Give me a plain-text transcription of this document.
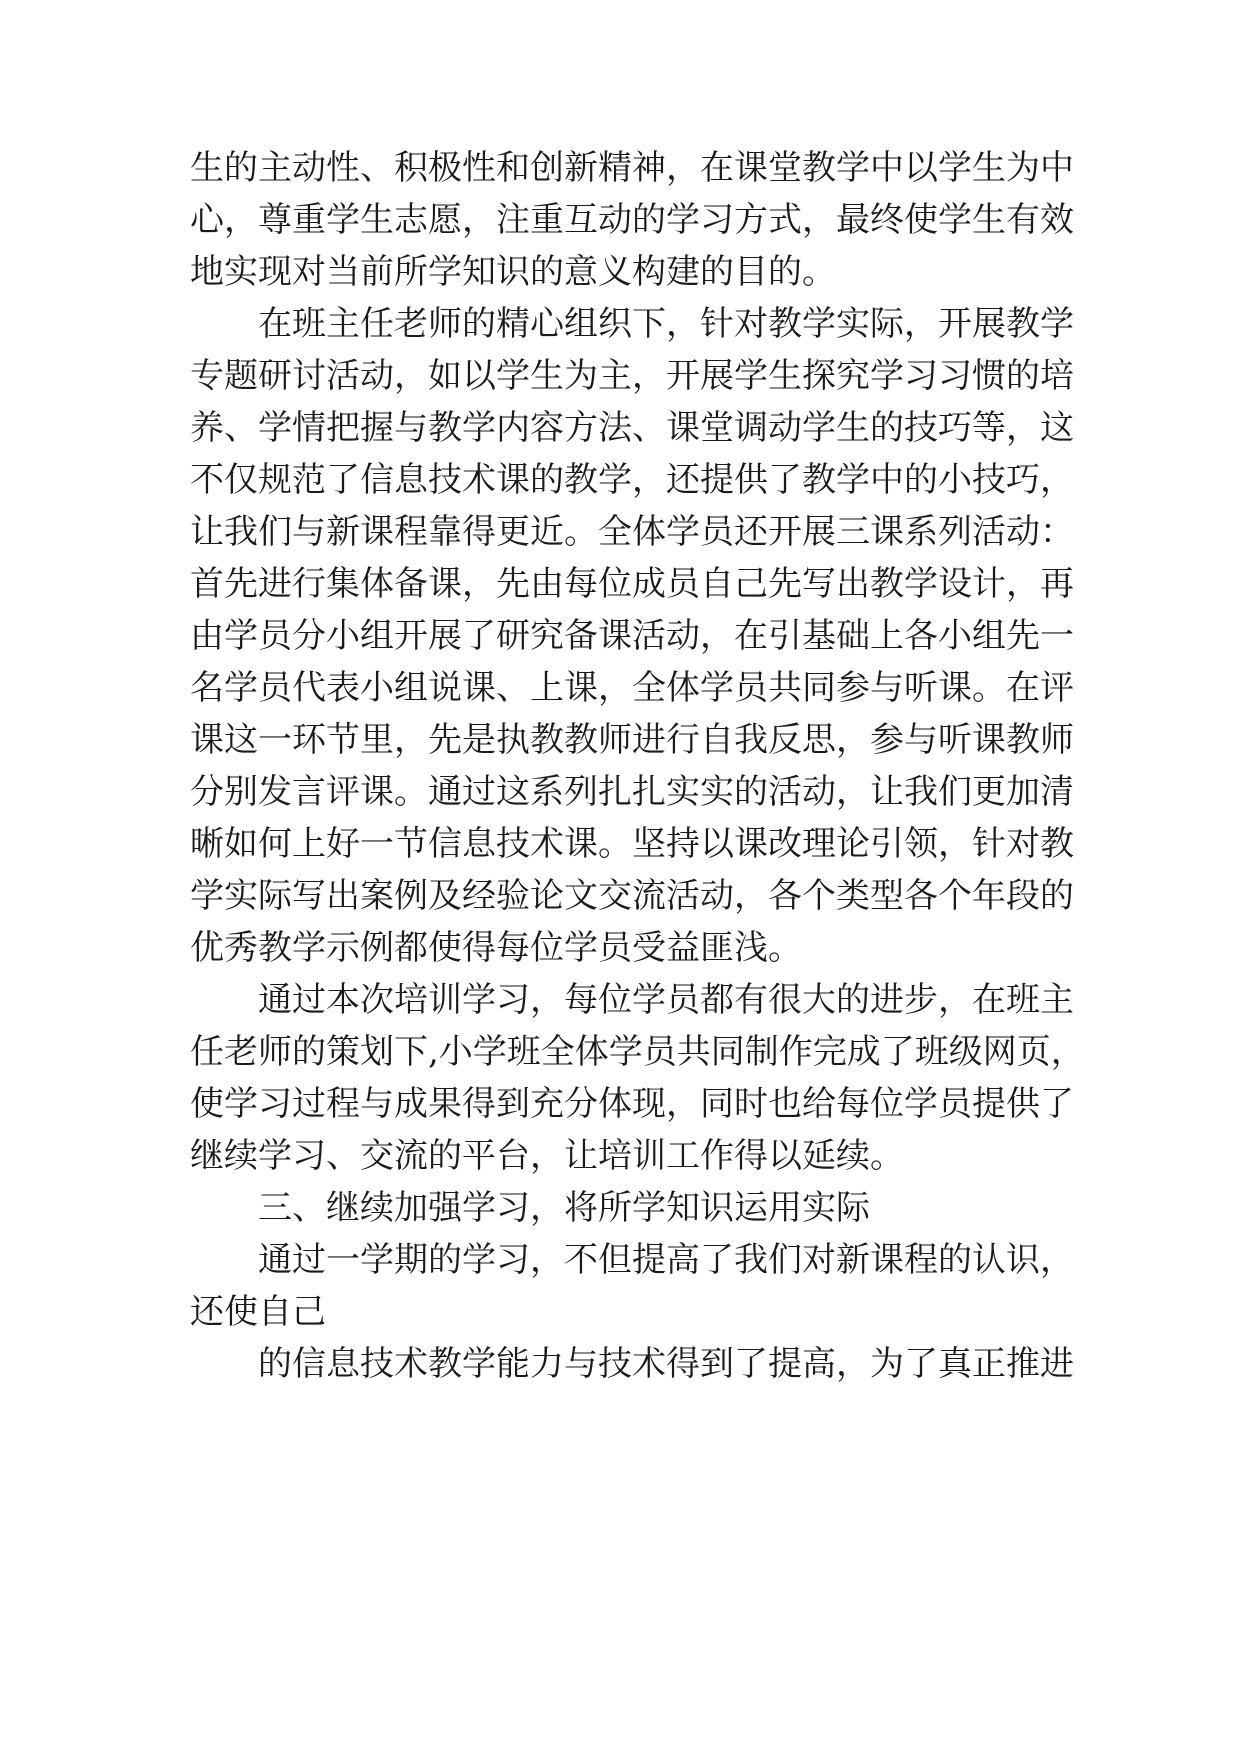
生的主动性、积极性和创新精神，在课堂教学中以学生为中
心，尊重学生志愿，注重互动的学习方式，最终使学生有效
地实现对当前所学知识的意义构建的目的。
在班主任老师的精心组织下，针对教学实际，开展教学
专题研讨活动，如以学生为主，开展学生探究学习习惯的培
养、学情把握与教学内容方法、课堂调动学生的技巧等，这
不仅规范了信息技术课的教学，还提供了教学中的小技巧，
让我们与新课程靠得更近。全体学员还开展三课系列活动：
首先进行集体备课，先由每位成员自己先写出教学设计，再
由学员分小组开展了研究备课活动，在引基础上各小组先一
名学员代表小组说课、上课，全体学员共同参与听课。在评
课这一环节里，先是执教教师进行自我反思，参与听课教师
分别发言评课。通过这系列扎扎实实的活动，让我们更加清
晰如何上好一节信息技术课。坚持以课改理论引领，针对教
学实际写出案例及经验论文交流活动，各个类型各个年段的
优秀教学示例都使得每位学员受益匪浅。
通过本次培训学习，每位学员都有很大的进步，在班主
任老师的策划下,小学班全体学员共同制作完成了班级网页，
使学习过程与成果得到充分体现，同时也给每位学员提供了
继续学习、交流的平台，让培训工作得以延续。
三、继续加强学习，将所学知识运用实际
通过一学期的学习，不但提高了我们对新课程的认识，
还使自己
的信息技术教学能力与技术得到了提高，为了真正推进
